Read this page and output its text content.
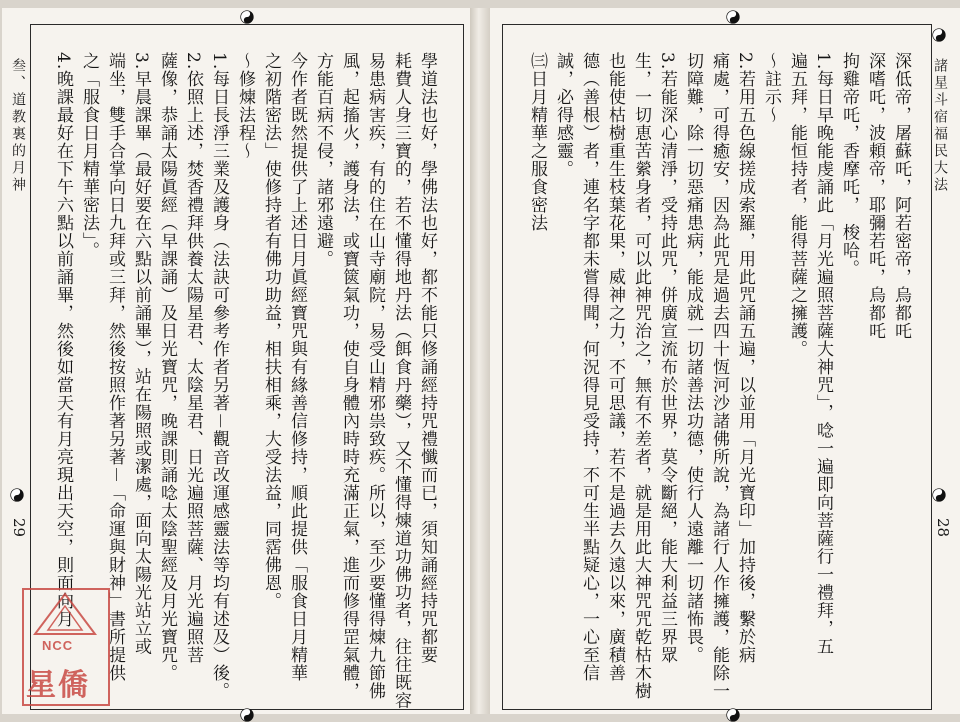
叁、道教裏的月神
29	學道法也好，學佛法也好，都不能只修誦經持咒禮懺而已，須知誦經持咒都要
耗費人身三寶的，若不懂得地丹法（餌食丹藥），又不懂得煉道功佛功者，往往既容
易患病害疾，有的住在山寺廟院，易受山精邪祟致疾。所以，至少要懂得煉九節佛
風，起搐火，護身法，或寶篋氣功，使自身體內時時充滿正氣，進而修得罡氣體，
方能百病不侵，諸邪遠避。
今作者既然提供了上述日月眞經寶咒與有緣善信修持，順此提供「服食日月精華
之初階密法」使修持者有佛功助益，相扶相乘，大受法益，同霑佛恩。
〜修煉法程〜
1.每日長淨三業及護身（法訣可參考作者另著－觀音改運感靈法等均有述及）後。
2.依照上述，焚香禮拜供養太陽星君、太陰星君、日光遍照菩薩、月光遍照菩
薩像，恭誦太陽眞經（早課誦）及日光寶咒，晚課則誦唸太陰聖經及月光寶咒。
3.早晨課畢（最好要在六點以前誦畢），站在陽照或潔處，面向太陽光站立或
端坐，雙手合掌向日九拜或三拜，然後按照作著另著－「命運與財神」書所提供
之「服食日月精華密法」。
4.晚課最好在下午六點以前誦畢，然後如當天有月亮現出天空，則面向月
NCC
星僑
諸星斗宿福民大法
28
深低帝，屠蘇吒，阿若密帝，烏都吒
深嗜吒，波頼帝，耶彌若吒，烏都吒
拘雞帝吒，香摩吒，　梭哈。
1.每日早晚能虔誦此「月光遍照菩薩大神咒」，唸一遍即向菩薩行一禮拜，五
遍五拜，能恒持者，能得菩薩之擁護。
〜註示〜
2.若用五色線搓成索羅，用此咒誦五遍，以並用「月光寶印」加持後，繫於病
痛處，可得癒安，因為此咒是過去四十恆河沙諸佛所說，為諸行人作擁護，能除一
切障難，除一切惡痛患病，能成就一切諸善法功德，使行人遠離一切諸怖畏。
3.若能深心清淨，受持此咒，併廣宣流布於世界，莫令斷絕，能大利益三界眾
生，一切恵苦縈身者，可以此神咒治之，無有不差者，就是用此大神咒咒乾枯木樹
也能使枯樹重生枝葉花果，威神之力，不可思議，若不是過去久遠以來，廣積善
德（善根）者，連名字都未嘗得聞，何況得見受持，不可生半點疑心，一心至信
誠，必得感靈。
㈢日月精華之服食密法
